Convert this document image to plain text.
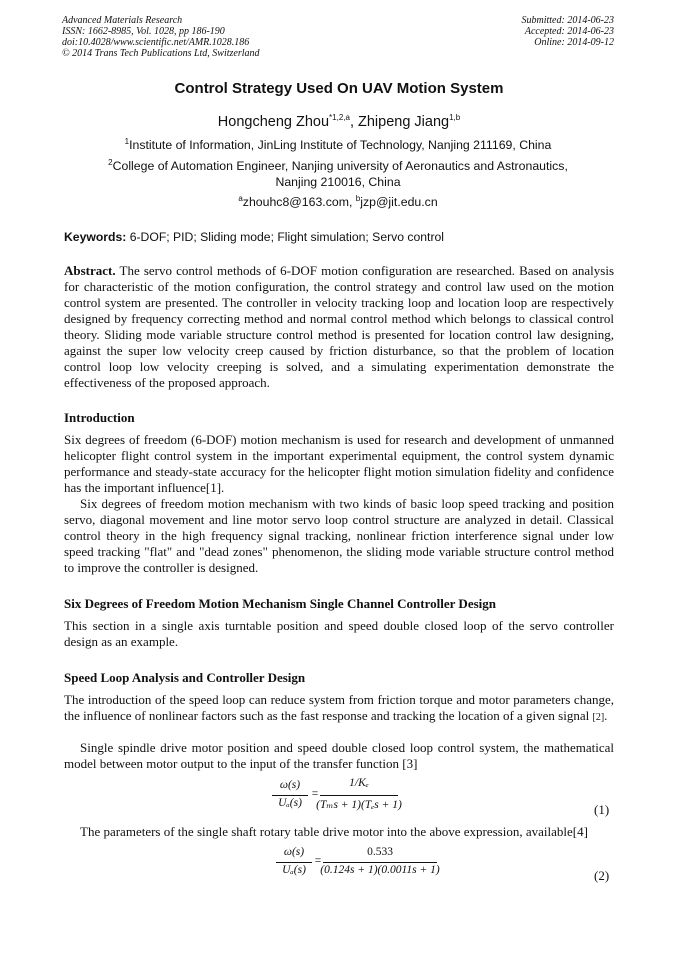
Advanced Materials Research
ISSN: 1662-8985, Vol. 1028, pp 186-190
doi:10.4028/www.scientific.net/AMR.1028.186
© 2014 Trans Tech Publications Ltd, Switzerland
Submitted: 2014-06-23
Accepted: 2014-06-23
Online: 2014-09-12
Control Strategy Used On UAV Motion System
Hongcheng Zhou$^{*1,2,a}$, Zhipeng Jiang$^{1,b}$
$^1$Institute of Information, JinLing Institute of Technology, Nanjing 211169, China
$^2$College of Automation Engineer, Nanjing university of Aeronautics and Astronautics,
Nanjing 210016, China
$^a$zhouhc8@163.com, $^b$jzp@jit.edu.cn
Keywords: 6-DOF; PID; Sliding mode; Flight simulation; Servo control

Abstract. The servo control methods of 6-DOF motion configuration are researched. Based on analysis for characteristic of the motion configuration, the control strategy and control law used on the motion control system are presented. The controller in velocity tracking loop and location loop are respectively designed by frequency correcting method and normal control method which belongs to classical control theory. Sliding mode variable structure control method is presented for location control law designing, against the super low velocity creep caused by friction disturbance, so that the problem of location control loop low velocity creeping is solved, and a simulating experimentation demonstrate the effectiveness of the proposed approach.

Introduction

Six degrees of freedom (6-DOF) motion mechanism is used for research and development of unmanned helicopter flight control system in the important experimental equipment, the control system dynamic performance and steady-state accuracy for the helicopter flight motion simulation fidelity and confidence has the important influence[1].

Six degrees of freedom motion mechanism with two kinds of basic loop speed tracking and position servo, diagonal movement and line motor servo loop control structure are analyzed in detail. Classical control theory in the high frequency signal tracking, nonlinear friction interference signal under low speed tracking "flat" and "dead zones" phenomenon, the sliding mode variable structure control method to improve the controller is designed.

Six Degrees of Freedom Motion Mechanism Single Channel Controller Design

This section in a single axis turntable position and speed double closed loop of the servo controller design as an example.

Speed Loop Analysis and Controller Design

The introduction of the speed loop can reduce system from friction torque and motor parameters change, the influence of nonlinear factors such as the fast response and tracking the location of a given signal [2].

Single spindle drive motor position and speed double closed loop control system, the mathematical model between motor output to the input of the transfer function [3]

ω(s)
Uₐ(s)
=
1/Kₑ
(Tₘs + 1)(Tₑs + 1)	(1)

The parameters of the single shaft rotary table drive motor into the above expression, available[4]

ω(s)
Uₐ(s)
=
0.533
(0.124s + 1)(0.0011s + 1)	(2)
